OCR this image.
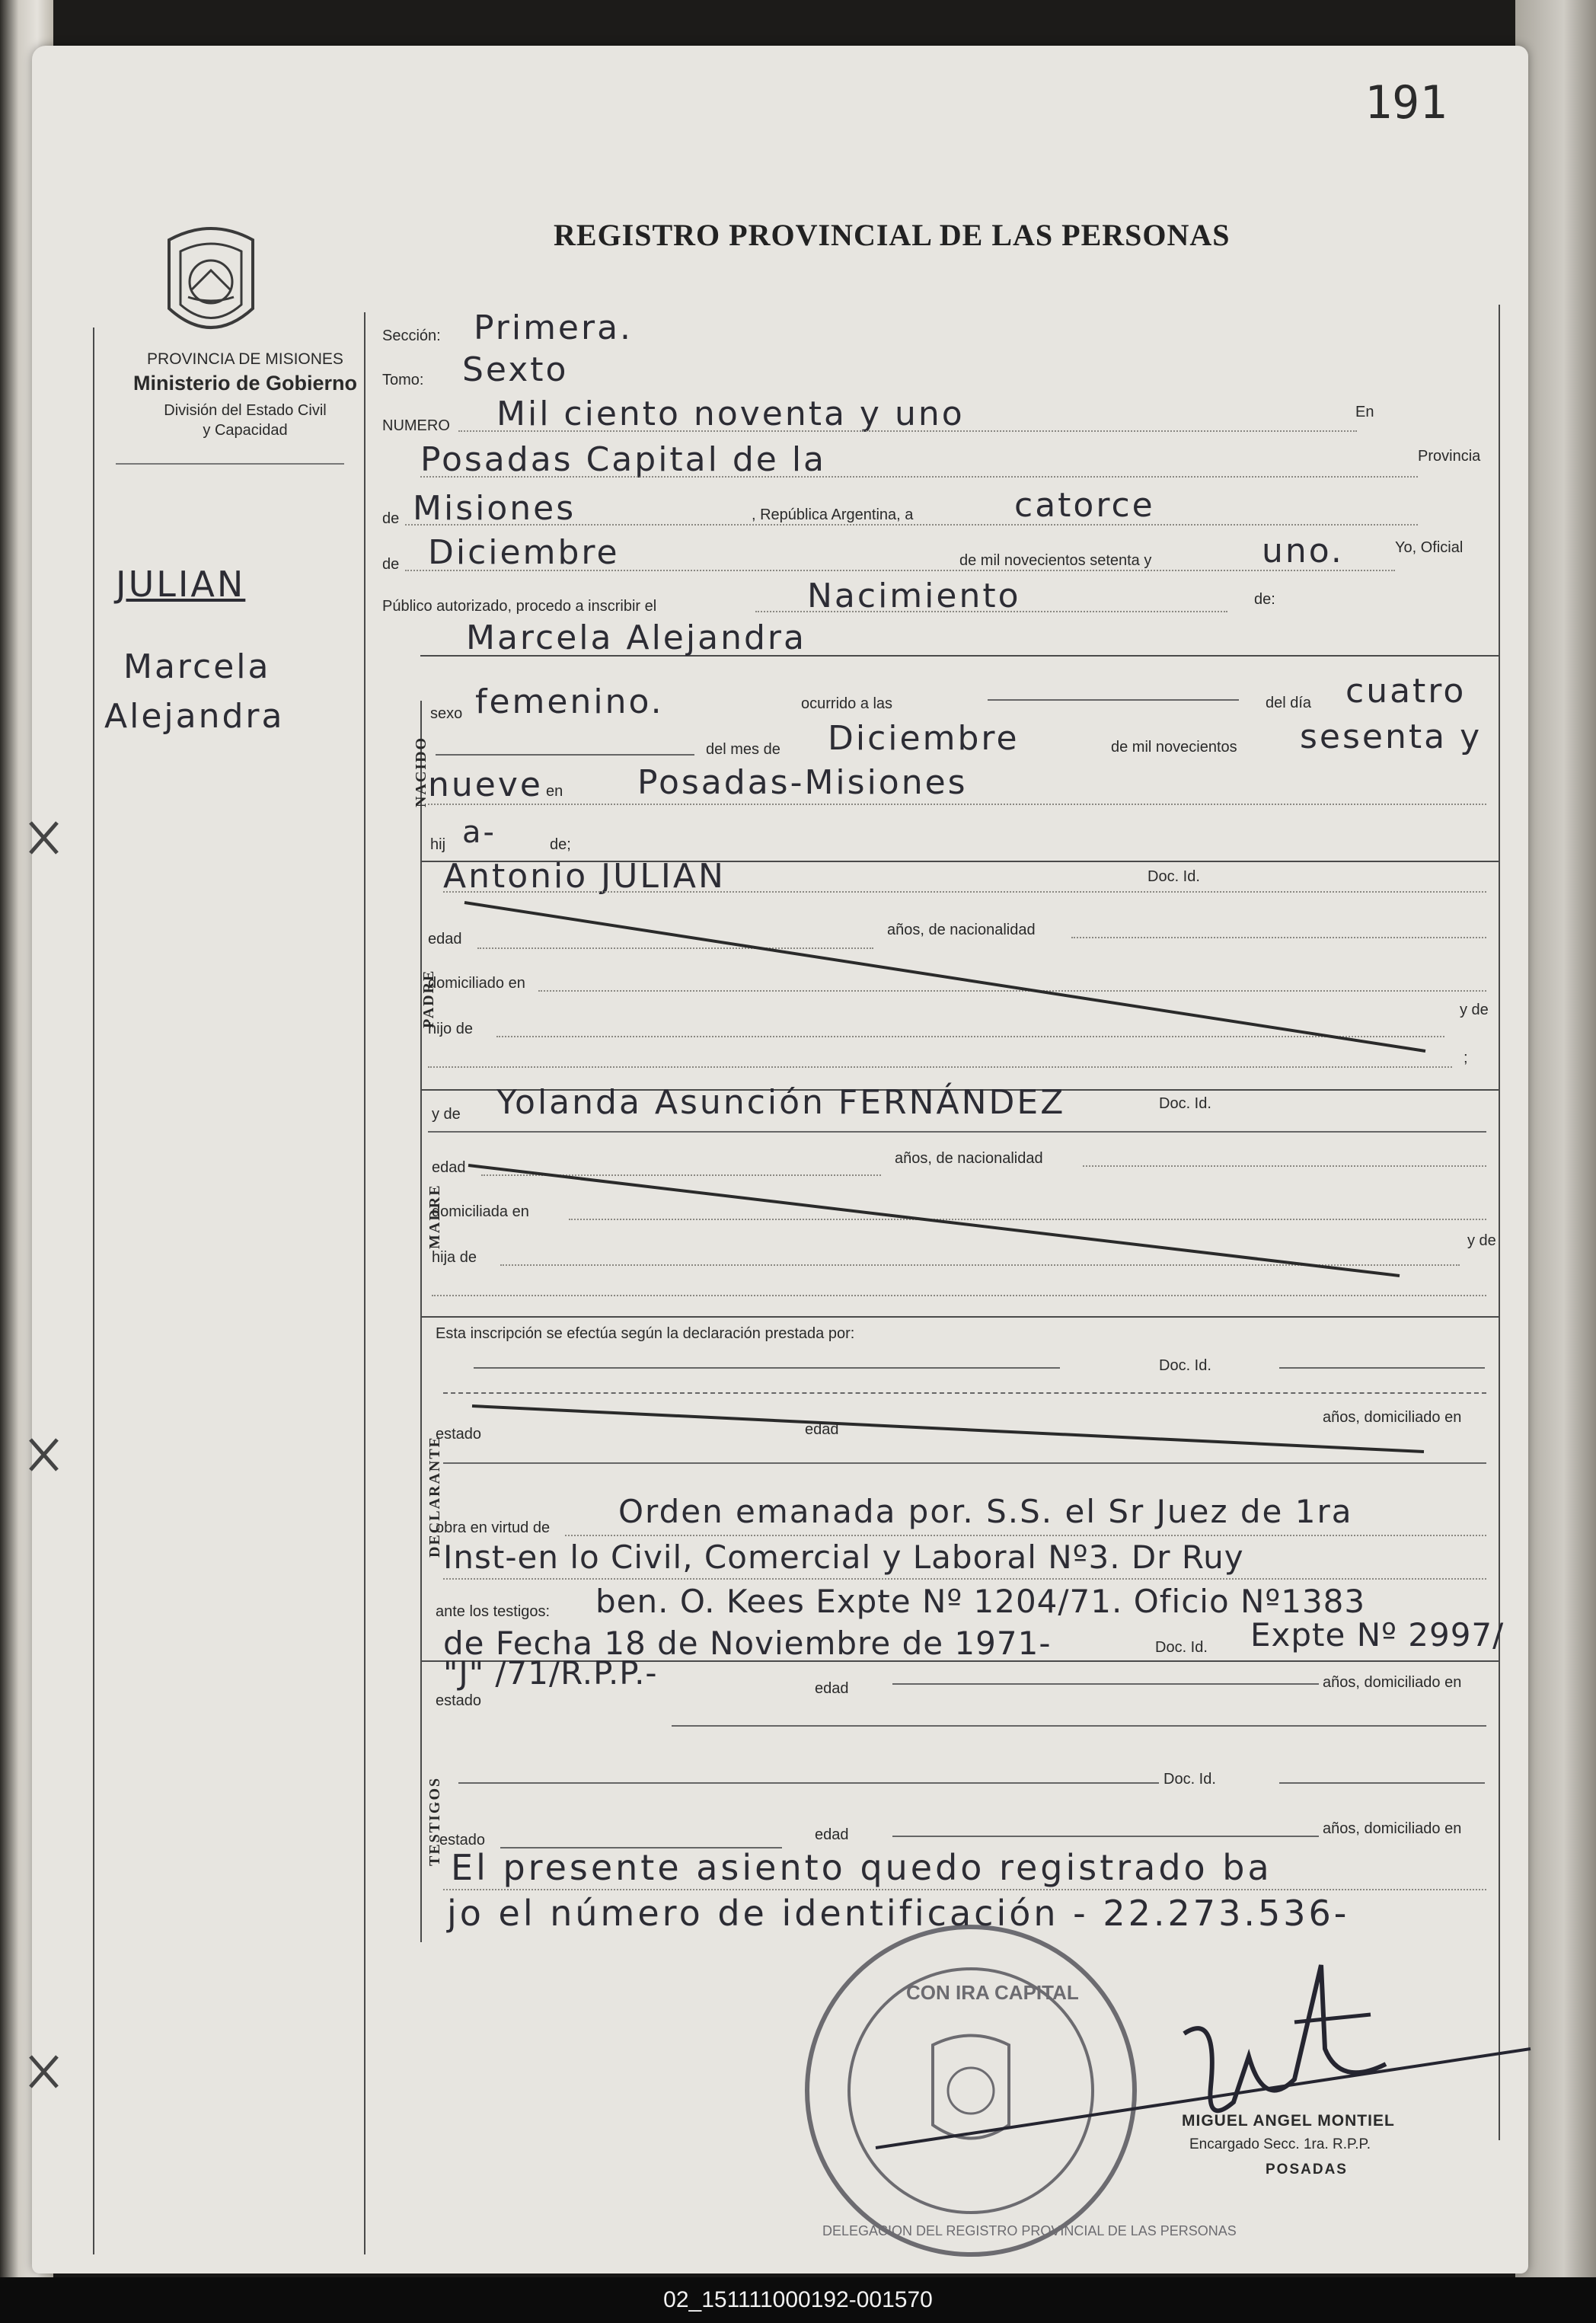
191
REGISTRO PROVINCIAL DE LAS PERSONAS
PROVINCIA DE MISIONES
Ministerio de Gobierno
División del Estado Civil
y Capacidad
JULIAN
Marcela
Alejandra
Sección: Primera.
Tomo: Sexto
NUMERO Mil ciento noventa y uno	En
Posadas Capital de la	Provincia
de Misiones	, República Argentina, a	catorce
de Diciembre	de mil novecientos setenta y	uno.	Yo, Oficial
Público autorizado, procedo a inscribir el	Nacimiento	de:
Marcela Alejandra
NACIDO
sexo femenino.	ocurrido a las	del día cuatro
del mes de Diciembre	de mil novecientos sesenta y
nueve en Posadas-Misiones
hij a-	de;
Antonio JULIAN	Doc. Id.
PADRE
edad
años, de nacionalidad
domiciliado en
hijo de
y de
;
y de Yolanda Asunción FERNÁNDEZ	Doc. Id.
MADRE
edad
años, de nacionalidad
domiciliada en
hija de
y de
Esta inscripción se efectúa según la declaración prestada por:
Doc. Id.
DECLARANTE
estado	edad
años, domiciliado en
obra en virtud de Orden emanada por. S.S. el Sr Juez de 1ra
Inst-en lo Civil, Comercial y Laboral Nº3. Dr Ruy
ante los testigos: ben. O. Kees Expte Nº 1204/71. Oficio Nº1383
de Fecha 18 de Noviembre de 1971-	Doc. Id. Expte Nº 2997/
"J" /71/R.P.P.-
estado
edad	años, domiciliado en
TESTIGOS	Doc. Id.
estado	edad	años, domiciliado en
El presente asiento quedo registrado ba
jo el número de identificación - 22.273.536-
MIGUEL ANGEL MONTIEL
Encargado Secc. 1ra. R.P.P.
POSADAS
CON IRA CAPITAL
DELEGACION DEL REGISTRO PROVINCIAL DE LAS PERSONAS
02_151111000192-001570
